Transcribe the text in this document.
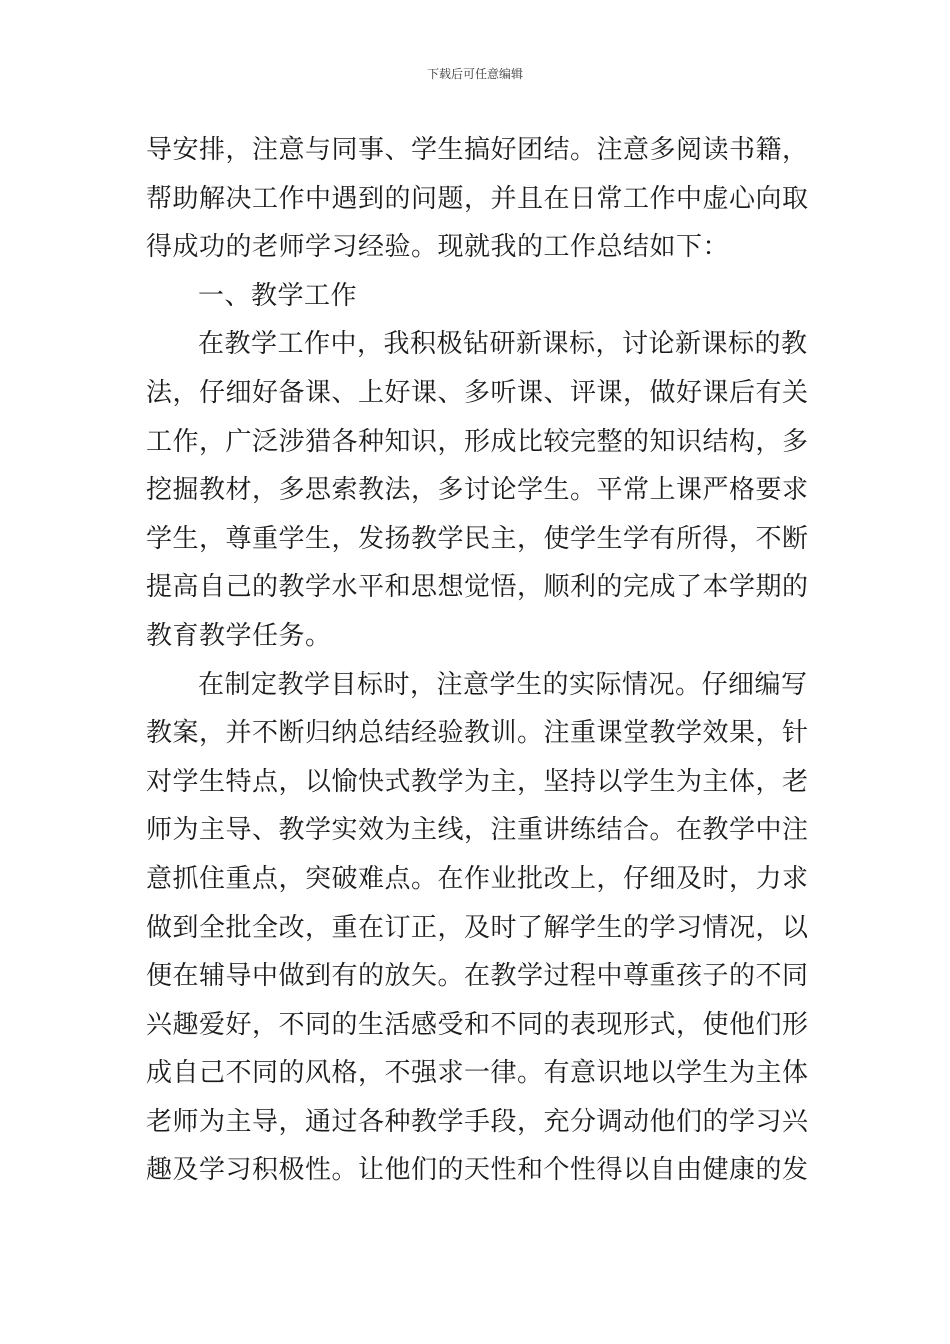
下载后可任意编辑
导安排，注意与同事、学生搞好团结。注意多阅读书籍，
帮助解决工作中遇到的问题，并且在日常工作中虚心向取
得成功的老师学习经验。现就我的工作总结如下：
一、教学工作
在教学工作中，我积极钻研新课标，讨论新课标的教
法，仔细好备课、上好课、多听课、评课，做好课后有关
工作，广泛涉猎各种知识，形成比较完整的知识结构，多
挖掘教材，多思索教法，多讨论学生。平常上课严格要求
学生，尊重学生，发扬教学民主，使学生学有所得，不断
提高自己的教学水平和思想觉悟，顺利的完成了本学期的
教育教学任务。
在制定教学目标时，注意学生的实际情况。仔细编写
教案，并不断归纳总结经验教训。注重课堂教学效果，针
对学生特点，以愉快式教学为主，坚持以学生为主体，老
师为主导、教学实效为主线，注重讲练结合。在教学中注
意抓住重点，突破难点。在作业批改上，仔细及时，力求
做到全批全改，重在订正，及时了解学生的学习情况，以
便在辅导中做到有的放矢。在教学过程中尊重孩子的不同
兴趣爱好，不同的生活感受和不同的表现形式，使他们形
成自己不同的风格，不强求一律。有意识地以学生为主体
老师为主导，通过各种教学手段，充分调动他们的学习兴
趣及学习积极性。让他们的天性和个性得以自由健康的发
